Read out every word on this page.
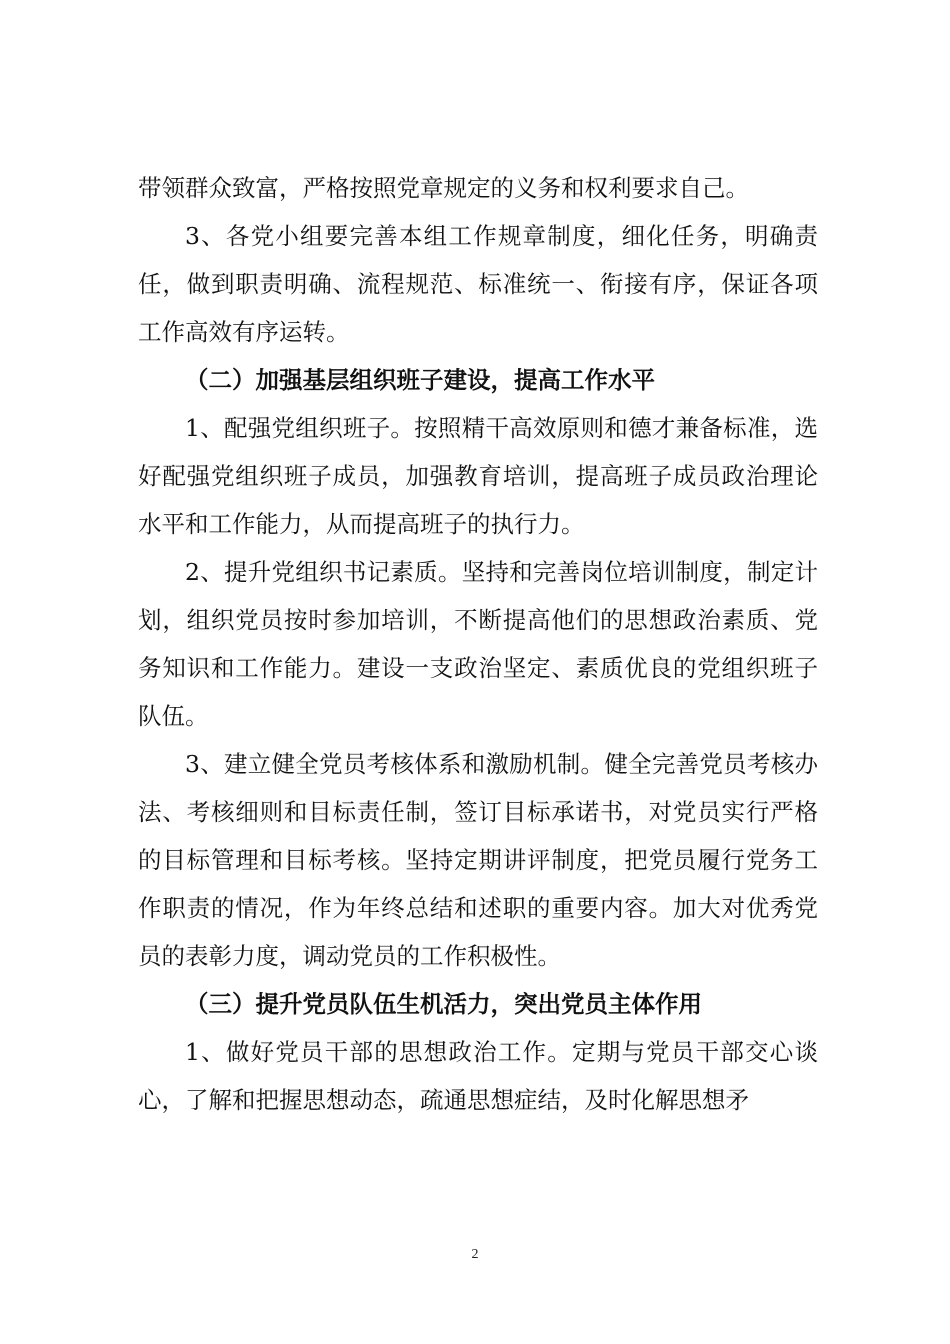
带领群众致富，严格按照党章规定的义务和权利要求自己。

3、各党小组要完善本组工作规章制度，细化任务，明确责任，做到职责明确、流程规范、标准统一、衔接有序，保证各项工作高效有序运转。

（二）加强基层组织班子建设，提高工作水平

1、配强党组织班子。按照精干高效原则和德才兼备标准，选好配强党组织班子成员，加强教育培训，提高班子成员政治理论水平和工作能力，从而提高班子的执行力。

2、提升党组织书记素质。坚持和完善岗位培训制度，制定计划，组织党员按时参加培训，不断提高他们的思想政治素质、党务知识和工作能力。建设一支政治坚定、素质优良的党组织班子队伍。

3、建立健全党员考核体系和激励机制。健全完善党员考核办法、考核细则和目标责任制，签订目标承诺书，对党员实行严格的目标管理和目标考核。坚持定期讲评制度，把党员履行党务工作职责的情况，作为年终总结和述职的重要内容。加大对优秀党员的表彰力度，调动党员的工作积极性。

（三）提升党员队伍生机活力，突出党员主体作用

1、做好党员干部的思想政治工作。定期与党员干部交心谈心，了解和把握思想动态，疏通思想症结，及时化解思想矛

2
